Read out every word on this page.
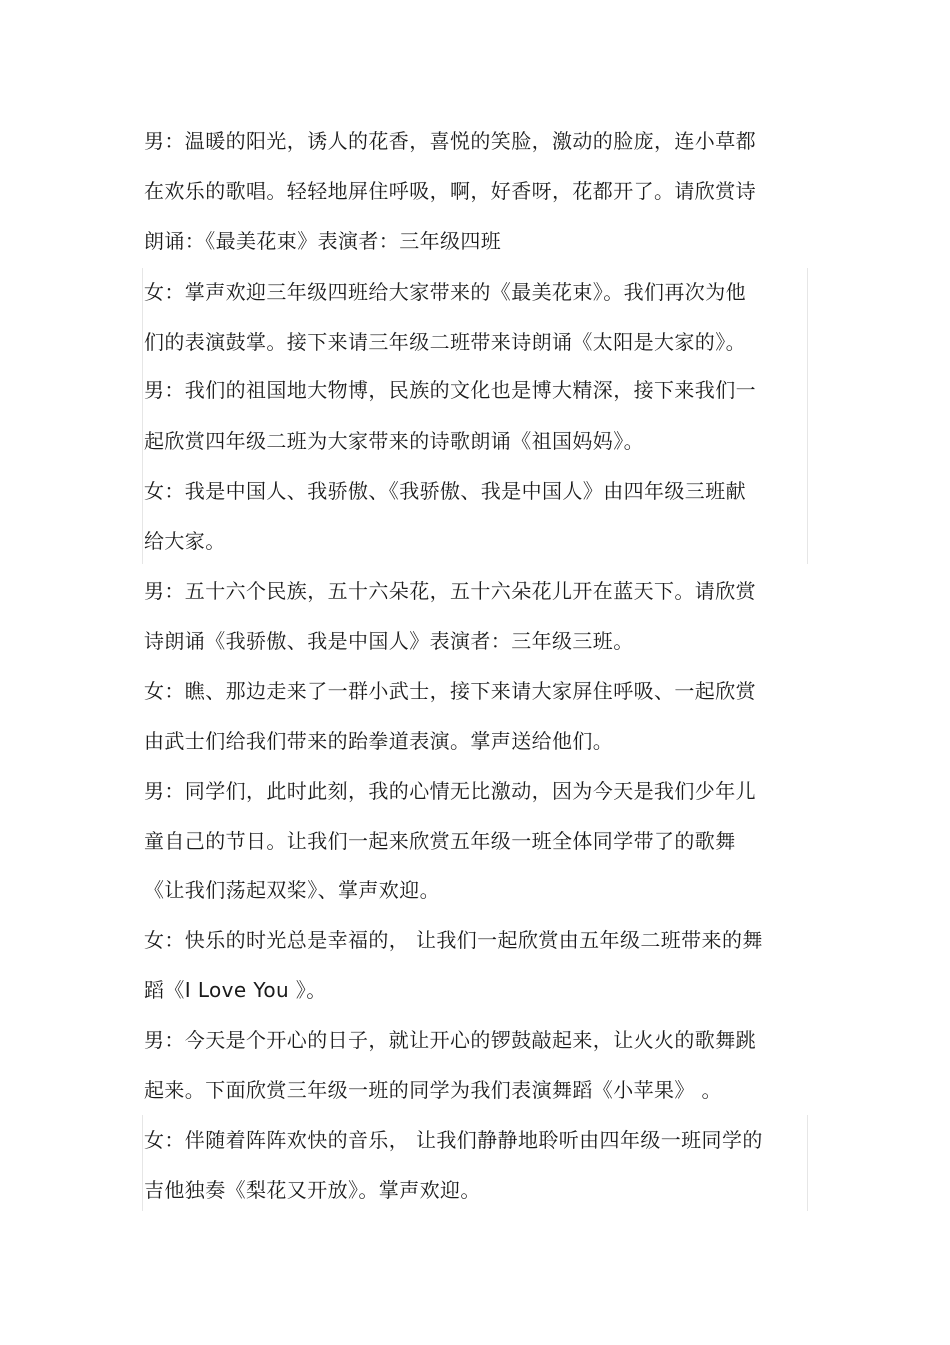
男：温暖的阳光，诱人的花香，喜悦的笑脸，激动的脸庞，连小草都
在欢乐的歌唱。轻轻地屏住呼吸，啊，好香呀，花都开了。请欣赏诗
朗诵：《最美花束》表演者：三年级四班
女：掌声欢迎三年级四班给大家带来的《最美花束》。我们再次为他
们的表演鼓掌。接下来请三年级二班带来诗朗诵《太阳是大家的》。
男：我们的祖国地大物博，民族的文化也是博大精深，接下来我们一
起欣赏四年级二班为大家带来的诗歌朗诵《祖国妈妈》。
女：我是中国人、我骄傲、《我骄傲、我是中国人》由四年级三班献
给大家。
男：五十六个民族，五十六朵花，五十六朵花儿开在蓝天下。请欣赏
诗朗诵《我骄傲、我是中国人》表演者：三年级三班。
女：瞧、那边走来了一群小武士，接下来请大家屏住呼吸、一起欣赏
由武士们给我们带来的跆拳道表演。掌声送给他们。
男：同学们，此时此刻，我的心情无比激动，因为今天是我们少年儿
童自己的节日。让我们一起来欣赏五年级一班全体同学带了的歌舞
《让我们荡起双桨》、掌声欢迎。
女：快乐的时光总是幸福的， 让我们一起欣赏由五年级二班带来的舞
蹈《I Love You 》。
男：今天是个开心的日子，就让开心的锣鼓敲起来，让火火的歌舞跳
起来。下面欣赏三年级一班的同学为我们表演舞蹈《小苹果》 。
女：伴随着阵阵欢快的音乐， 让我们静静地聆听由四年级一班同学的
吉他独奏《梨花又开放》。掌声欢迎。
